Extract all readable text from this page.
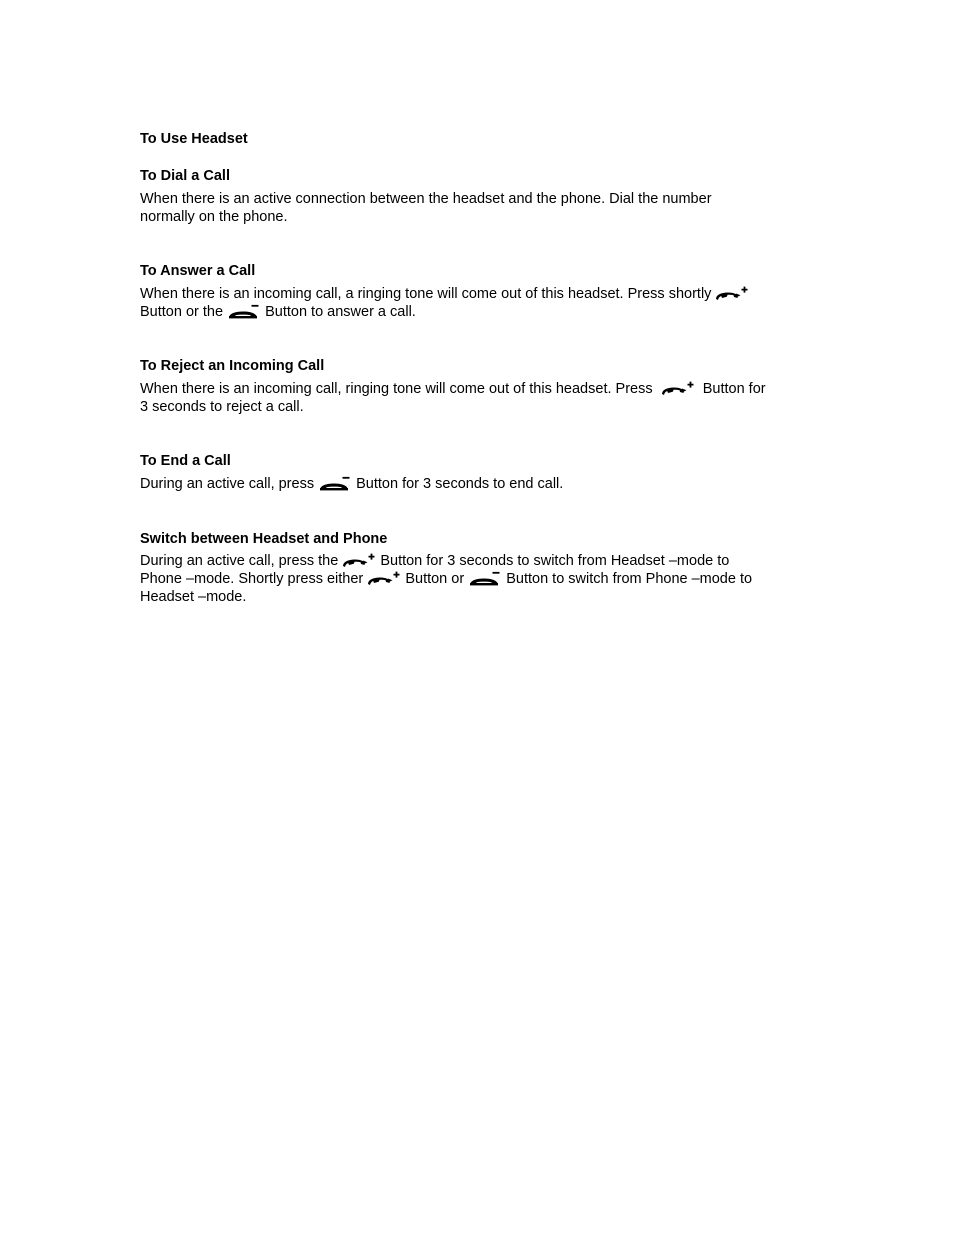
To Use Headset
To Dial a Call
When there is an active connection between the headset and the phone. Dial the number
normally on the phone.
To Answer a Call
When there is an incoming call, a ringing tone will come out of this headset. Press shortly
Button or the	Button to answer a call.
To Reject an Incoming Call
When there is an incoming call, ringing tone will come out of this headset. Press	Button for
3 seconds to reject a call.
To End a Call
During an active call, press	Button for 3 seconds to end call.
Switch between Headset and Phone
During an active call, press the	Button for 3 seconds to switch from Headset –mode to
Phone –mode. Shortly press either	Button or	Button to switch from Phone –mode to
Headset –mode.
